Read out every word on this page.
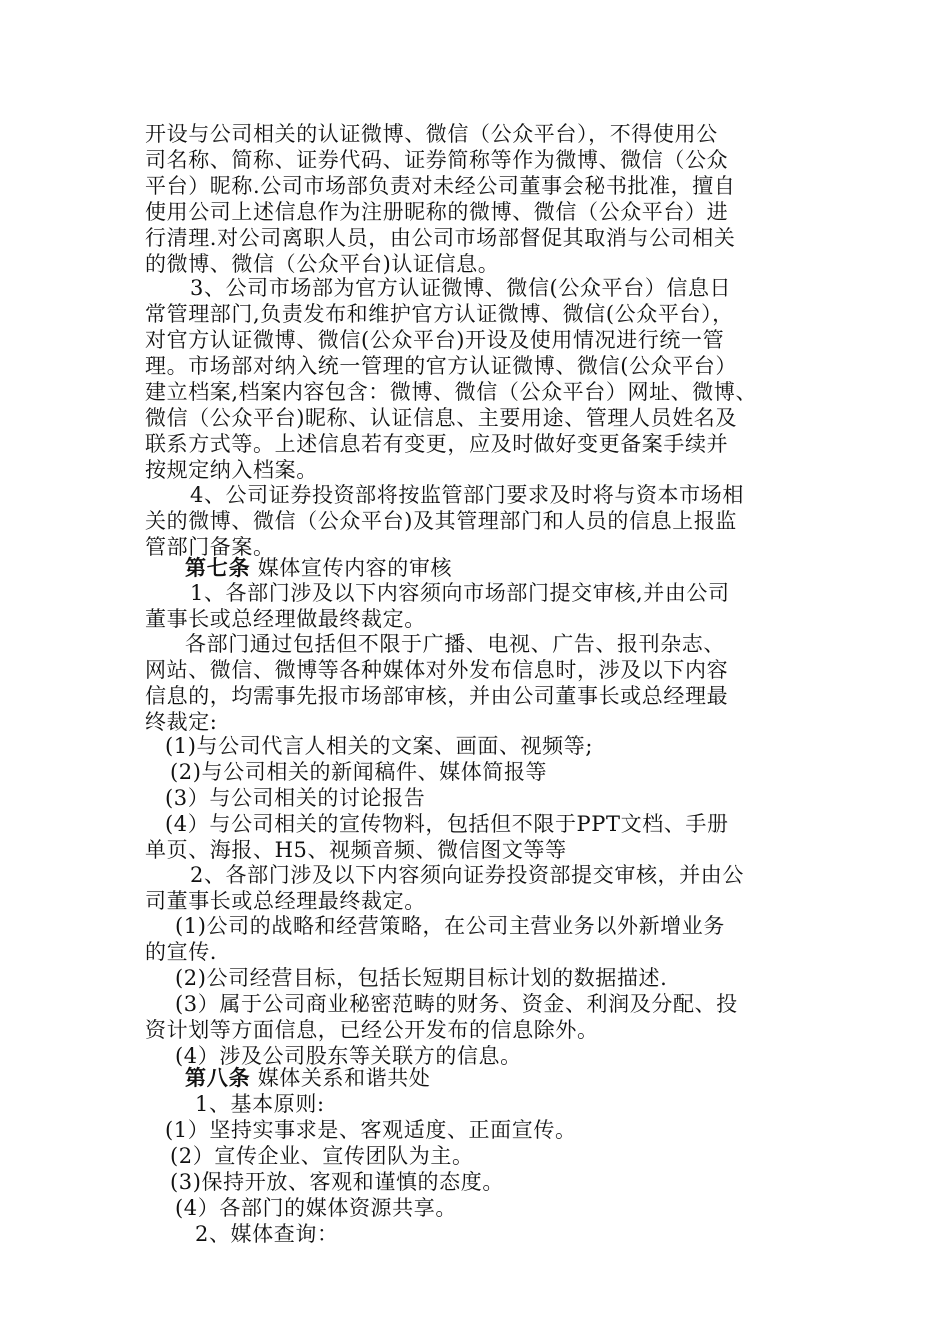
开设与公司相关的认证微博、微信（公众平台），不得使用公
司名称、简称、证券代码、证券简称等作为微博、微信（公众
平台）昵称.公司市场部负责对未经公司董事会秘书批准，擅自
使用公司上述信息作为注册昵称的微博、微信（公众平台）进
行清理.对公司离职人员，由公司市场部督促其取消与公司相关
的微博、微信（公众平台)认证信息。
3、公司市场部为官方认证微博、微信(公众平台）信息日
常管理部门,负责发布和维护官方认证微博、微信(公众平台），
对官方认证微博、微信(公众平台)开设及使用情况进行统一管
理。市场部对纳入统一管理的官方认证微博、微信(公众平台）
建立档案,档案内容包含：微博、微信（公众平台）网址、微博、
微信（公众平台)昵称、认证信息、主要用途、管理人员姓名及
联系方式等。上述信息若有变更，应及时做好变更备案手续并
按规定纳入档案。
4、公司证券投资部将按监管部门要求及时将与资本市场相
关的微博、微信（公众平台)及其管理部门和人员的信息上报监
管部门备案。
第七条 媒体宣传内容的审核
1、各部门涉及以下内容须向市场部门提交审核,并由公司
董事长或总经理做最终裁定。
各部门通过包括但不限于广播、电视、广告、报刊杂志、
网站、微信、微博等各种媒体对外发布信息时，涉及以下内容
信息的，均需事先报市场部审核，并由公司董事长或总经理最
终裁定:
(1)与公司代言人相关的文案、画面、视频等;
(2)与公司相关的新闻稿件、媒体简报等
(3）与公司相关的讨论报告
(4）与公司相关的宣传物料，包括但不限于PPT文档、手册
单页、海报、H5、视频音频、微信图文等等
2、各部门涉及以下内容须向证券投资部提交审核，并由公
司董事长或总经理最终裁定。
(1)公司的战略和经营策略，在公司主营业务以外新增业务
的宣传.
(2)公司经营目标，包括长短期目标计划的数据描述.
(3）属于公司商业秘密范畴的财务、资金、利润及分配、投
资计划等方面信息，已经公开发布的信息除外。
(4）涉及公司股东等关联方的信息。
第八条 媒体关系和谐共处
1、基本原则:
(1）坚持实事求是、客观适度、正面宣传。
(2）宣传企业、宣传团队为主。
(3)保持开放、客观和谨慎的态度。
(4）各部门的媒体资源共享。
2、媒体查询：
